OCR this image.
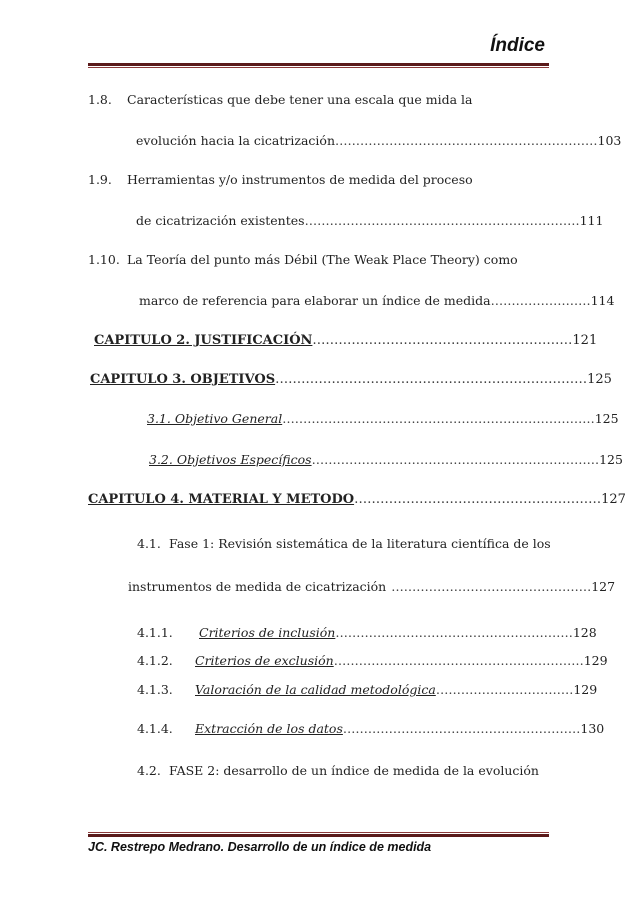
Índice
1.8. Características que debe tener una escala que mida la
evolución hacia la cicatrización………………………………………………………103
1.9. Herramientas y/o instrumentos de medida del proceso
de cicatrización existentes…………………………………………………………111
1.10. La Teoría del punto más Débil (The Weak Place Theory) como
marco de referencia para elaborar un índice de medida……………………114
CAPITULO 2. JUSTIFICACIÓN……………………………………………………121
CAPITULO 3. OBJETIVOS………………………………………………………………125
3.1. Objetivo General…………………………………………………………………125
3.2. Objetivos Específicos……………………………………………………………125
CAPITULO 4. MATERIAL Y METODO…………………………………………………127
4.1. Fase 1: Revisión sistemática de la literatura científica de los
instrumentos de medida de cicatrización …………………………………………127
4.1.1. Criterios de inclusión…………………………………………………128
4.1.2. Criterios de exclusión……………………………………………………129
4.1.3. Valoración de la calidad metodológica……………………………129
4.1.4. Extracción de los datos…………………………………………………130
4.2. FASE 2: desarrollo de un índice de medida de la evolución
JC. Restrepo Medrano. Desarrollo de un índice de medida
